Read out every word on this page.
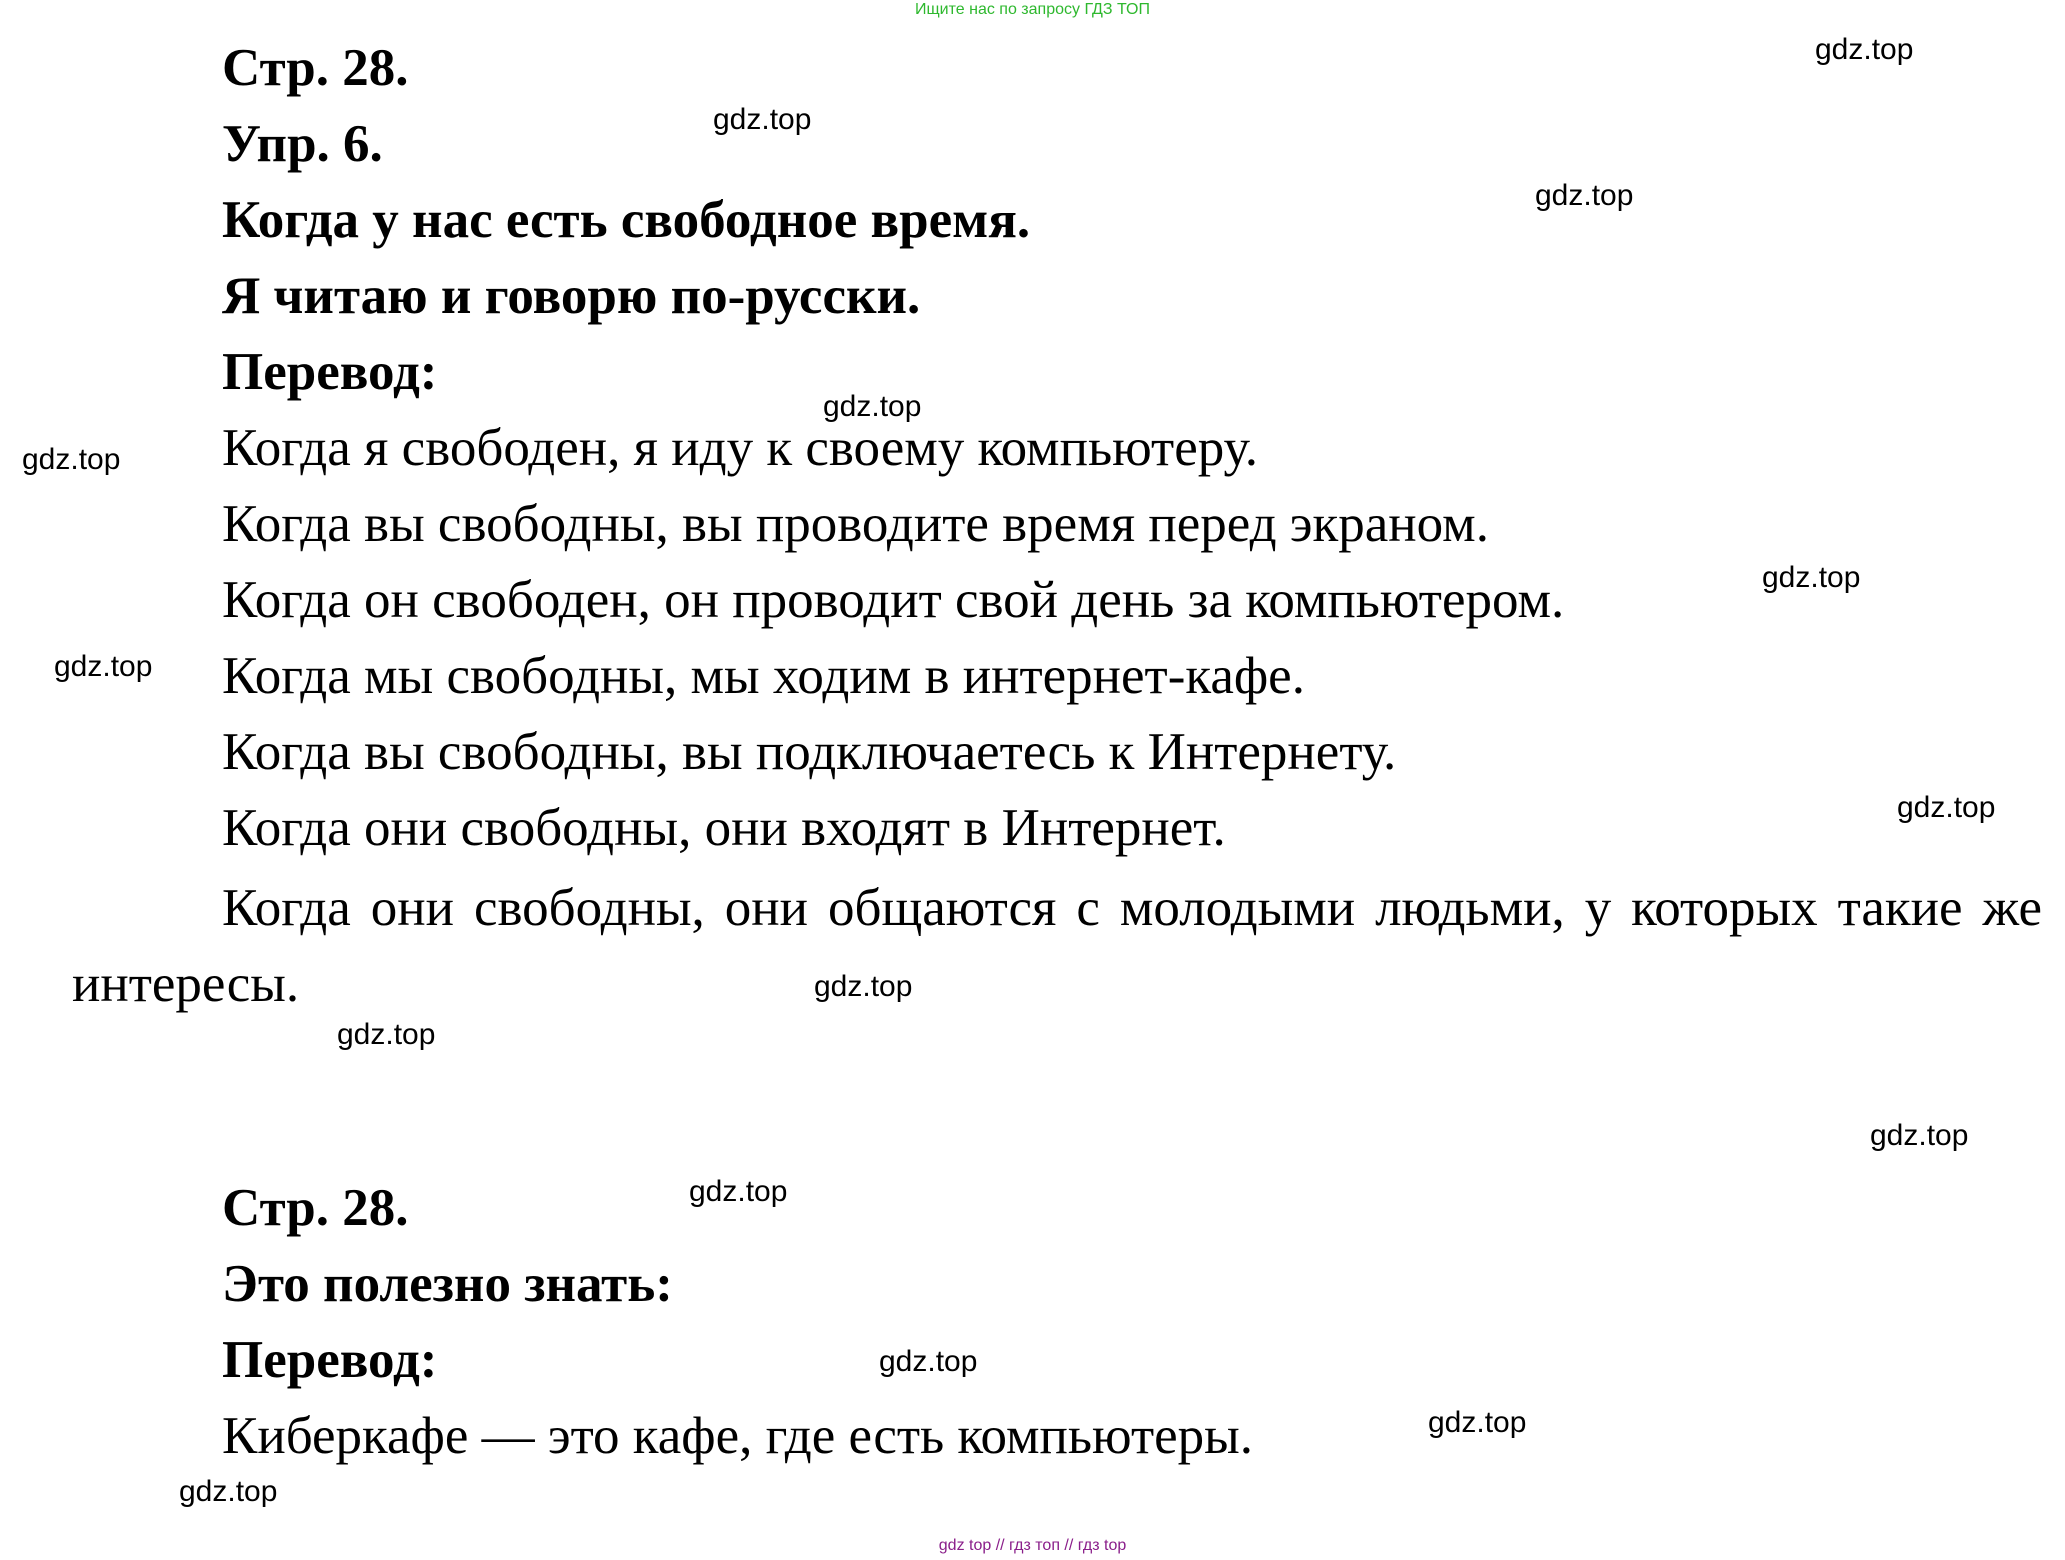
Ищите нас по запросу ГДЗ ТОП
Стр. 28.
Упр. 6.
Когда у нас есть свободное время.
Я читаю и говорю по-русски.
Перевод:
Когда я свободен, я иду к своему компьютеру.
Когда вы свободны, вы проводите время перед экраном.
Когда он свободен, он проводит свой день за компьютером.
Когда мы свободны, мы ходим в интернет-кафе.
Когда вы свободны, вы подключаетесь к Интернету.
Когда они свободны, они входят в Интернет.
Когда они свободны, они общаются с молодыми людьми, у которых такие же интересы.
Стр. 28.
Это полезно знать:
Перевод:
Киберкафе — это кафе, где есть компьютеры.
gdz.top
gdz.top
gdz.top
gdz.top
gdz.top
gdz.top
gdz.top
gdz.top
gdz.top
gdz.top
gdz.top
gdz.top
gdz.top
gdz.top
gdz.top
gdz top // гдз топ // гдз top
